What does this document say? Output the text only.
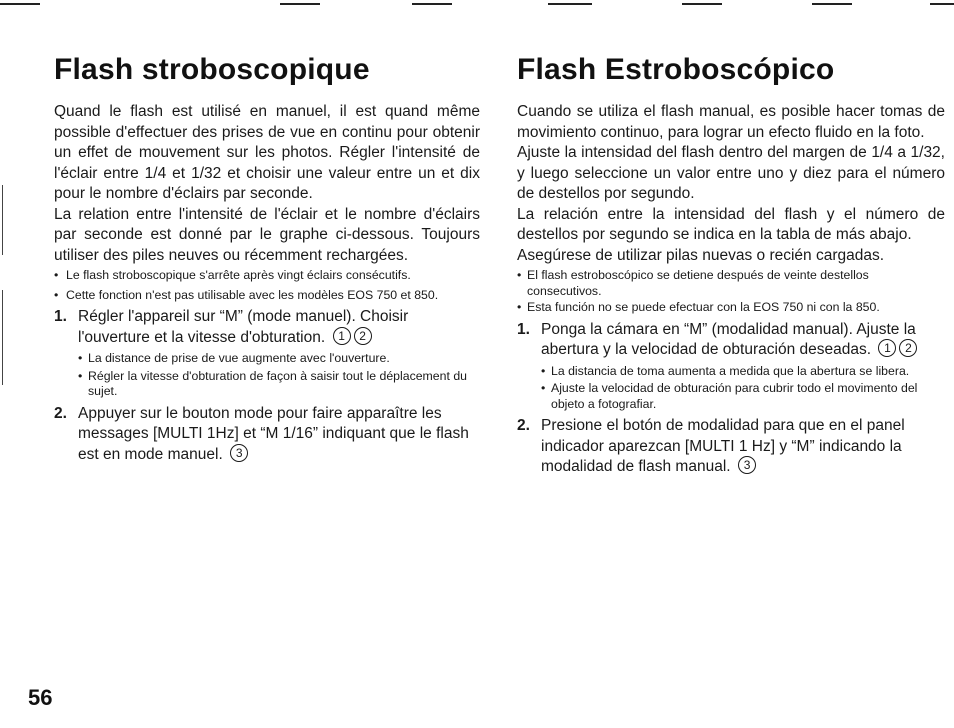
Flash stroboscopique

Quand le flash est utilisé en manuel, il est quand même possible d'effectuer des prises de vue en continu pour obtenir un effet de mouvement sur les photos. Régler l'intensité de l'éclair entre 1/4 et 1/32 et choisir une valeur entre un et dix pour le nombre d'éclairs par seconde.

La relation entre l'intensité de l'éclair et le nombre d'éclairs par seconde est donné par le graphe ci-dessous. Toujours utiliser des piles neuves ou récemment rechargées.

• Le flash stroboscopique s'arrête après vingt éclairs consécutifs.
• Cette fonction n'est pas utilisable avec les modèles EOS 750 et 850.
1. Régler l'appareil sur “M” (mode manuel). Choisir l'ouverture et la vitesse d'obturation. 1 2
• La distance de prise de vue augmente avec l'ouverture.
• Régler la vitesse d'obturation de façon à saisir tout le déplacement du sujet.
2. Appuyer sur le bouton mode pour faire apparaître les messages [MULTI 1Hz] et “M 1/16” indiquant que le flash est en mode manuel. 3
Flash Estroboscópico

Cuando se utiliza el flash manual, es posible hacer tomas de movimiento continuo, para lograr un efecto fluido en la foto.

Ajuste la intensidad del flash dentro del margen de 1/4 a 1/32, y luego seleccione un valor entre uno y diez para el número de destellos por segundo.

La relación entre la intensidad del flash y el número de destellos por segundo se indica en la tabla de más abajo.

Asegúrese de utilizar pilas nuevas o recién cargadas.

• El flash estroboscópico se detiene después de veinte destellos consecutivos.
• Esta función no se puede efectuar con la EOS 750 ni con la 850.
1. Ponga la cámara en “M” (modalidad manual). Ajuste la abertura y la velocidad de obturación deseadas. 1 2
• La distancia de toma aumenta a medida que la abertura se libera.
• Ajuste la velocidad de obturación para cubrir todo el movimento del objeto a fotografiar.
2. Presione el botón de modalidad para que en el panel indicador aparezcan [MULTI 1 Hz] y “M” indicando la modalidad de flash manual. 3
56
